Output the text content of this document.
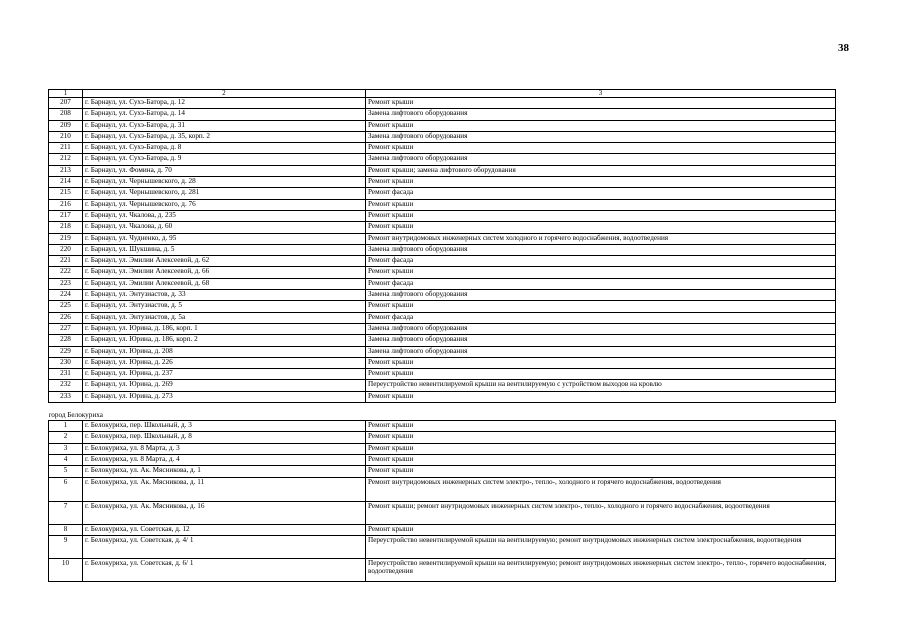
38
1	2	3
207	г. Барнаул, ул. Сухэ-Батора, д. 12	Ремонт крыши
208	г. Барнаул, ул. Сухэ-Батора, д. 14	Замена лифтового оборудования
209	г. Барнаул, ул. Сухэ-Батора, д. 31	Ремонт крыши
210	г. Барнаул, ул. Сухэ-Батора, д. 35, корп. 2	Замена лифтового оборудования
211	г. Барнаул, ул. Сухэ-Батора, д. 8	Ремонт крыши
212	г. Барнаул, ул. Сухэ-Батора, д. 9	Замена лифтового оборудования
213	г. Барнаул, ул. Фомина, д. 70	Ремонт крыши; замена лифтового оборудования
214	г. Барнаул, ул. Чернышевского, д. 28	Ремонт крыши
215	г. Барнаул, ул. Чернышевского, д. 281	Ремонт фасада
216	г. Барнаул, ул. Чернышевского, д. 76	Ремонт крыши
217	г. Барнаул, ул. Чкалова, д. 235	Ремонт крыши
218	г. Барнаул, ул. Чкалова, д. 60	Ремонт крыши
219	г. Барнаул, ул. Чудненко, д. 95	Ремонт внутридомовых инженерных систем холодного и горячего водоснабжения, водоотведения
220	г. Барнаул, ул. Шукшина, д. 5	Замена лифтового оборудования
221	г. Барнаул, ул. Эмилии Алексеевой, д. 62	Ремонт фасада
222	г. Барнаул, ул. Эмилии Алексеевой, д. 66	Ремонт крыши
223	г. Барнаул, ул. Эмилии Алексеевой, д. 68	Ремонт фасада
224	г. Барнаул, ул. Энтузиастов, д. 33	Замена лифтового оборудования
225	г. Барнаул, ул. Энтузиастов, д. 5	Ремонт крыши
226	г. Барнаул, ул. Энтузиастов, д. 5а	Ремонт фасада
227	г. Барнаул, ул. Юрина, д. 186, корп. 1	Замена лифтового оборудования
228	г. Барнаул, ул. Юрина, д. 186, корп. 2	Замена лифтового оборудования
229	г. Барнаул, ул. Юрина, д. 208	Замена лифтового оборудования
230	г. Барнаул, ул. Юрина, д. 226	Ремонт крыши
231	г. Барнаул, ул. Юрина, д. 237	Ремонт крыши
232	г. Барнаул, ул. Юрина, д. 269	Переустройство невентилируемой крыши на вентилируемую с устройством выходов на кровлю
233	г. Барнаул, ул. Юрина, д. 273	Ремонт крыши

город Белокуриха		
1	г. Белокуриха, пер. Школьный, д. 3	Ремонт крыши
2	г. Белокуриха, пер. Школьный, д. 8	Ремонт крыши
3	г. Белокуриха, ул. 8 Марта, д. 3	Ремонт крыши
4	г. Белокуриха, ул. 8 Марта, д. 4	Ремонт крыши
5	г. Белокуриха, ул. Ак. Мясникова, д. 1	Ремонт крыши
6	г. Белокуриха, ул. Ак. Мясникова, д. 11	Ремонт внутридомовых инженерных систем электро-, тепло-, холодного и горячего водоснабжения, водоотведения
7	г. Белокуриха, ул. Ак. Мясникова, д. 16	Ремонт крыши; ремонт внутридомовых инженерных систем электро-, тепло-, холодного и горячего водоснабжения, водоотведения
8	г. Белокуриха, ул. Советская, д. 12	Ремонт крыши
9	г. Белокуриха, ул. Советская, д. 4/ 1	Переустройство невентилируемой крыши на вентилируемую; ремонт внутридомовых инженерных систем электроснабжения, водоотведения
10	г. Белокуриха, ул. Советская, д. 6/ 1	Переустройство невентилируемой крыши на вентилируемую; ремонт внутридомовых инженерных систем электро-, тепло-, горячего водоснабжения, водоотведения
